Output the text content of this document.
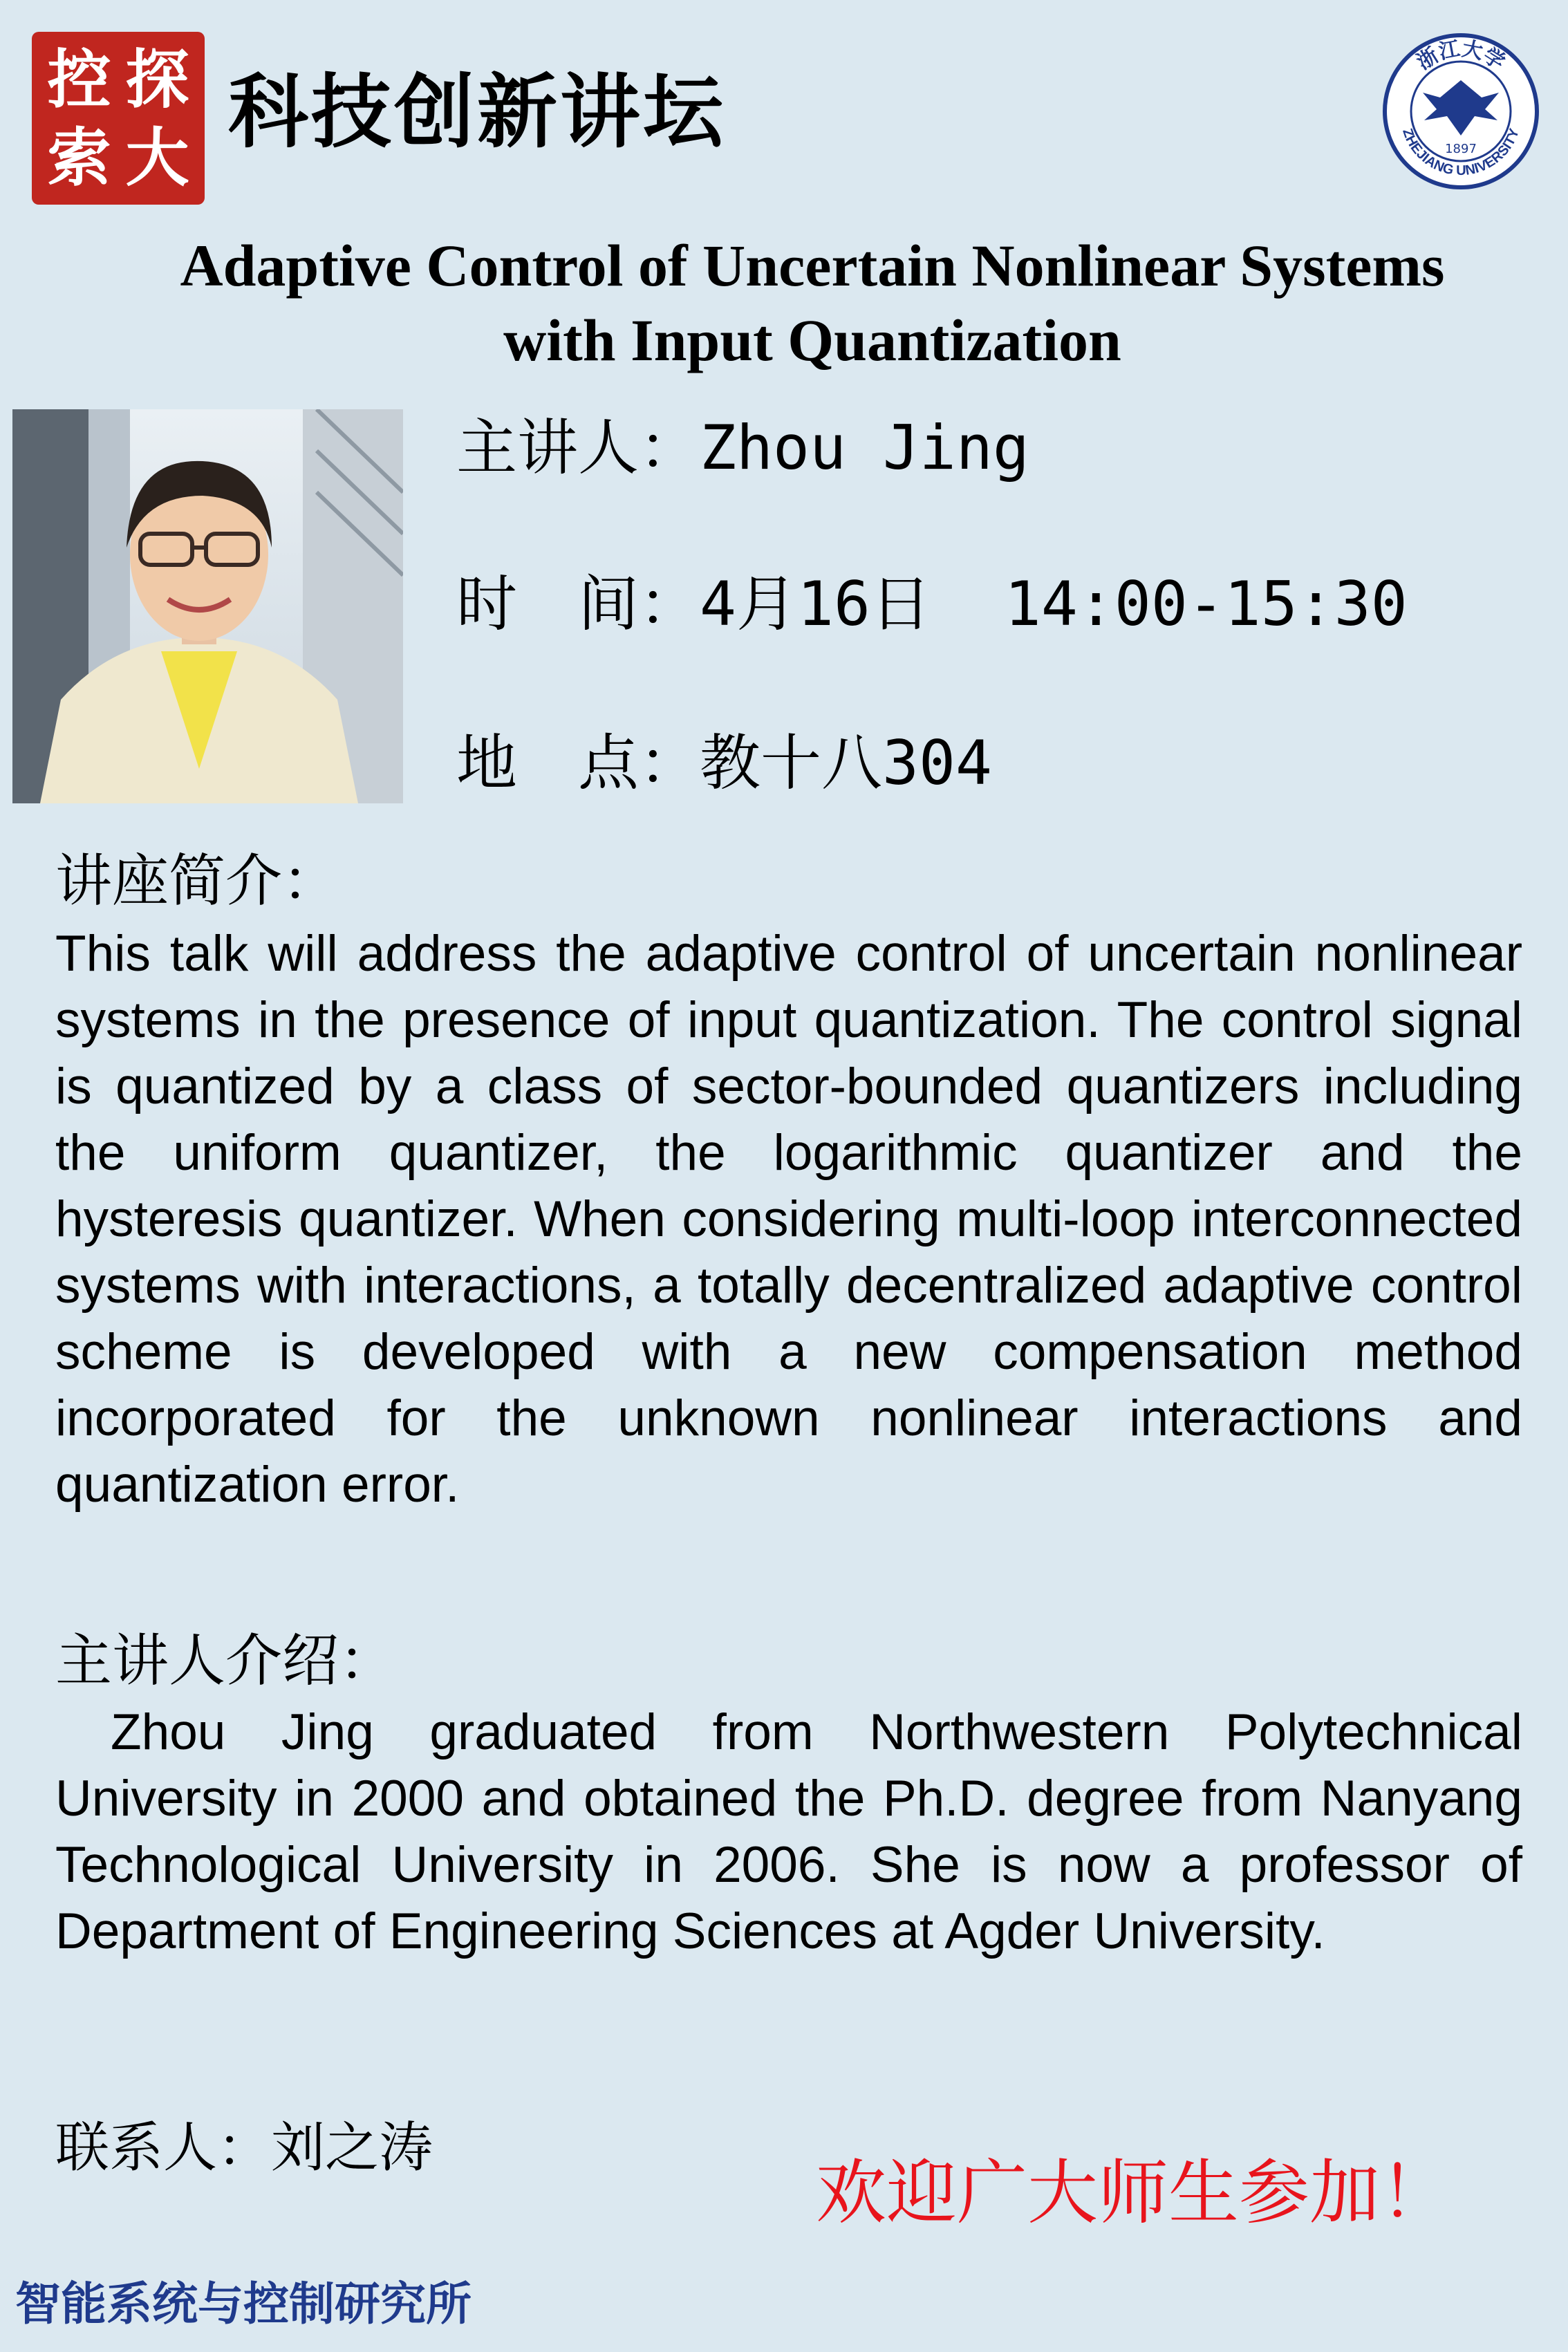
控 探
索 大 科技创新讲坛
浙江大学
ZHEJIANG UNIVERSITY
1897
Adaptive Control of Uncertain Nonlinear Systems
with Input Quantization
主讲人：Zhou Jing
时　间：4月16日  14:00-15:30
地　点：教十八304
讲座简介：
This talk will address the adaptive control of uncertain nonlinear systems in the presence of input quantization. The control signal is quantized by a class of sector-bounded quantizers including the uniform quantizer, the logarithmic quantizer and the hysteresis quantizer. When considering multi-loop interconnected systems with interactions, a totally decentralized adaptive control scheme is developed with a new compensation method incorporated for the unknown nonlinear interactions and quantization error.
主讲人介绍：
Zhou Jing graduated from Northwestern Polytechnical University in 2000 and obtained the Ph.D. degree from Nanyang Technological University in 2006. She is now a professor of Department of Engineering Sciences at Agder University.
联系人：刘之涛
欢迎广大师生参加！
智能系统与控制研究所
